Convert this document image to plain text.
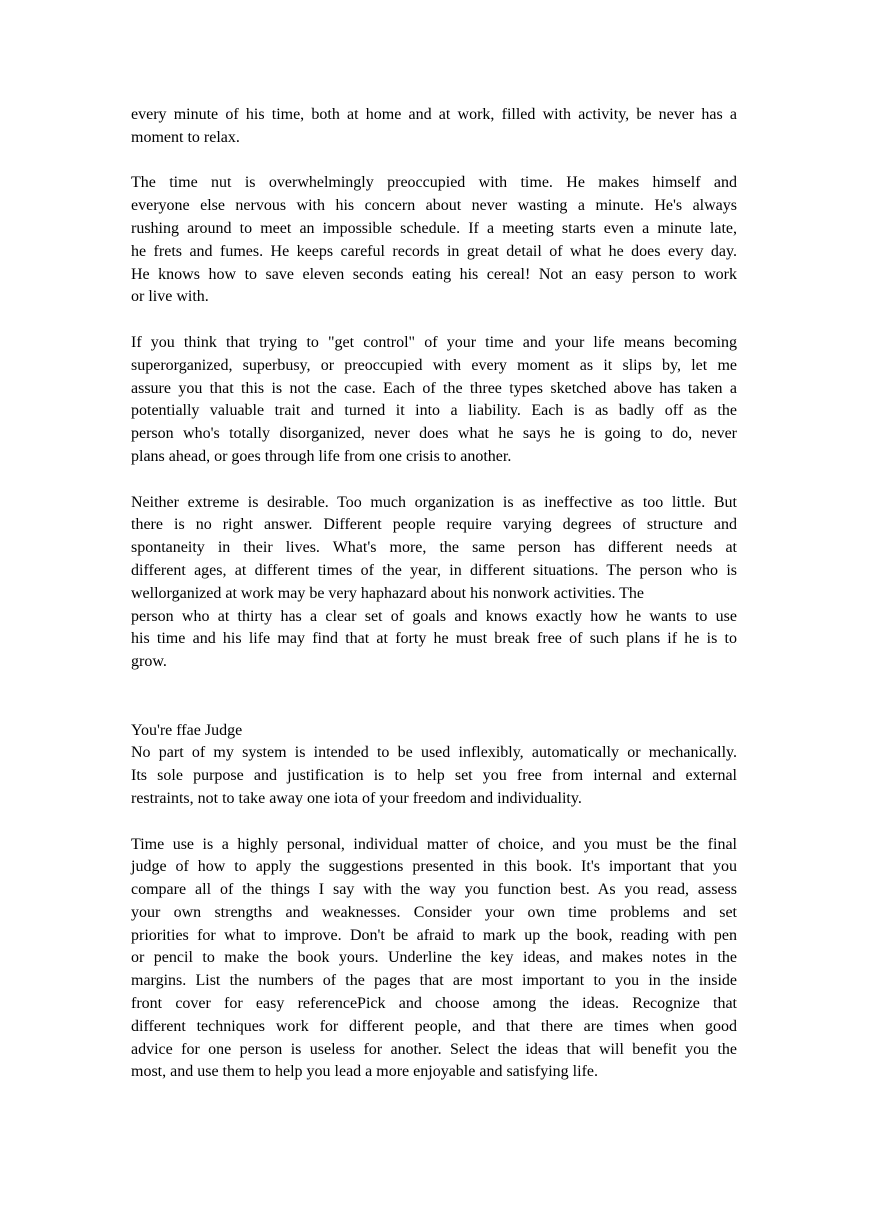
every minute of his time, both at home and at work, filled with activity, be never has a
moment to relax.

The time nut is overwhelmingly preoccupied with time. He makes himself and
everyone else nervous with his concern about never wasting a minute. He's always
rushing around to meet an impossible schedule. If a meeting starts even a minute late,
he frets and fumes. He keeps careful records in great detail of what he does every day.
He knows how to save eleven seconds eating his cereal! Not an easy person to work
or live with.

If you think that trying to "get control" of your time and your life means becoming
superorganized, superbusy, or preoccupied with every moment as it slips by, let me
assure you that this is not the case. Each of the three types sketched above has taken a
potentially valuable trait and turned it into a liability. Each is as badly off as the
person who's totally disorganized, never does what he says he is going to do, never
plans ahead, or goes through life from one crisis to another.

Neither extreme is desirable. Too much organization is as ineffective as too little. But
there is no right answer. Different people require varying degrees of structure and
spontaneity in their lives. What's more, the same person has different needs at
different ages, at different times of the year, in different situations. The person who is
wellorganized at work may be very haphazard about his nonwork activities. The
person who at thirty has a clear set of goals and knows exactly how he wants to use
his time and his life may find that at forty he must break free of such plans if he is to
grow.

You're ffae Judge

No part of my system is intended to be used inflexibly, automatically or mechanically.
Its sole purpose and justification is to help set you free from internal and external
restraints, not to take away one iota of your freedom and individuality.

Time use is a highly personal, individual matter of choice, and you must be the final
judge of how to apply the suggestions presented in this book. It's important that you
compare all of the things I say with the way you function best. As you read, assess
your own strengths and weaknesses. Consider your own time problems and set
priorities for what to improve. Don't be afraid to mark up the book, reading with pen
or pencil to make the book yours. Underline the key ideas, and makes notes in the
margins. List the numbers of the pages that are most important to you in the inside
front cover for easy referencePick and choose among the ideas. Recognize that
different techniques work for different people, and that there are times when good
advice for one person is useless for another. Select the ideas that will benefit you the
most, and use them to help you lead a more enjoyable and satisfying life.
